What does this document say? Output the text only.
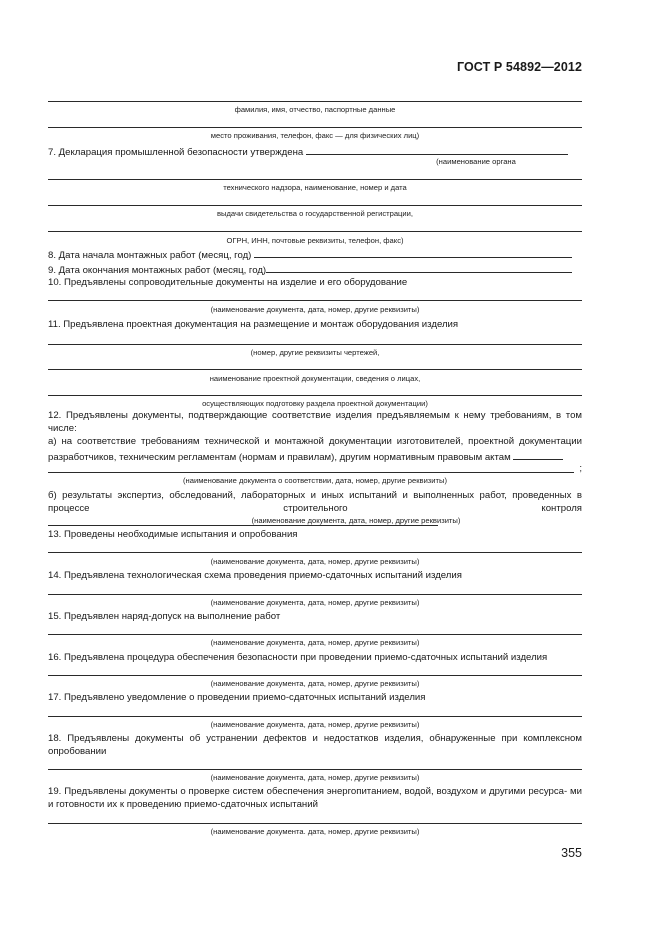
ГОСТ Р 54892—2012
фамилия, имя, отчество, паспортные данные
место проживания, телефон, факс — для физических лиц)
7. Декларация промышленной безопасности утверждена
(наименование органа
технического надзора, наименование, номер и дата
выдачи свидетельства о государственной регистрации,
ОГРН, ИНН, почтовые реквизиты, телефон, факс)
8. Дата начала монтажных работ (месяц, год)
9. Дата окончания монтажных работ (месяц, год)
10. Предъявлены сопроводительные документы на изделие и его оборудование
(наименование документа, дата, номер, другие реквизиты)
11. Предъявлена проектная документация на размещение и монтаж оборудования изделия
(номер, другие реквизиты чертежей,
наименование проектной документации, сведения о лицах,
осуществляющих подготовку раздела проектной документации)
12. Предъявлены документы, подтверждающие соответствие изделия предъявляемым к нему требованиям, в том числе:
а) на соответствие требованиям технической и монтажной документации изготовителей, проектной документации разработчиков, техническим регламентам (нормам и правилам), другим нормативным правовым актам
;
(наименование документа о соответствии, дата, номер, другие реквизиты)
б) результаты экспертиз, обследований, лабораторных и иных испытаний и выполненных работ, проведенных в процессе строительного контроля
(наименование документа, дата, номер, другие реквизиты)
13. Проведены необходимые испытания и опробования
(наименование документа, дата, номер, другие реквизиты)
14. Предъявлена технологическая схема проведения приемо-сдаточных испытаний изделия
(наименование документа, дата, номер, другие реквизиты)
15. Предъявлен наряд-допуск на выполнение работ
(наименование документа, дата, номер, другие реквизиты)
16. Предъявлена процедура обеспечения безопасности при проведении приемо-сдаточных испытаний изделия
(наименование документа, дата, номер, другие реквизиты)
17. Предъявлено уведомление о проведении приемо-сдаточных испытаний изделия
(наименование документа, дата, номер, другие реквизиты)
18. Предъявлены документы об устранении дефектов и недостатков изделия, обнаруженные при комплексном опробовании
(наименование документа, дата, номер, другие реквизиты)
19. Предъявлены документы о проверке систем обеспечения энергопитанием, водой, воздухом и другими ресурса- ми и готовности их к проведению приемо-сдаточных испытаний
(наименование документа. дата, номер, другие реквизиты)
355
